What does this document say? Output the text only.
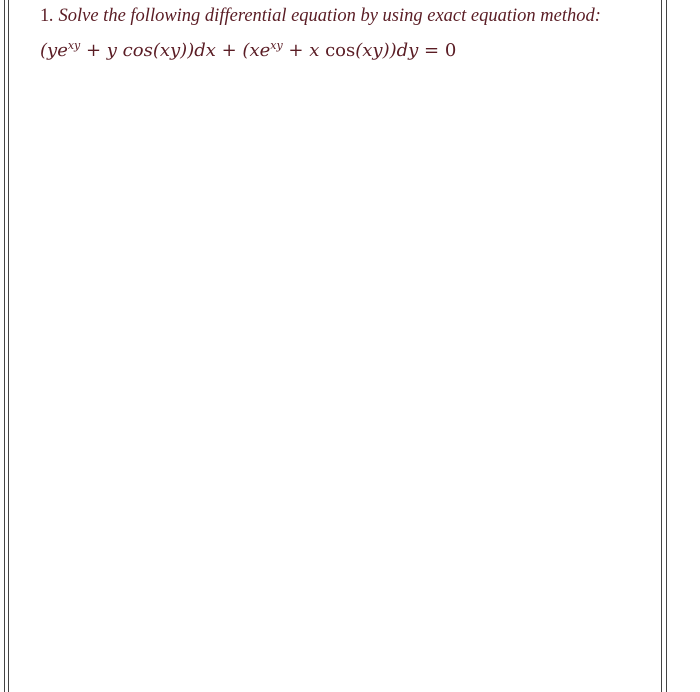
1. Solve the following differential equation by using exact equation method:
($ye^{xy} + y$ $\cos(xy))dx + (xe^{xy} + x$ cos(xy))dy = 0
